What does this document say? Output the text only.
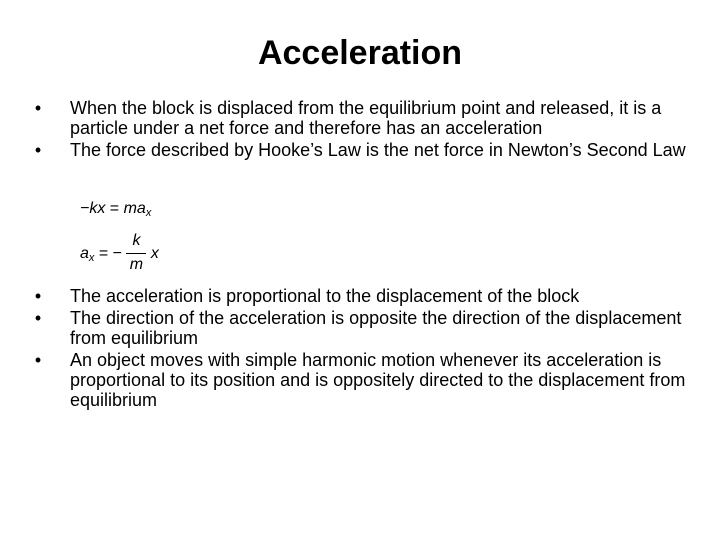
Acceleration
• When the block is displaced from the equilibrium point and released, it is a particle under a net force and therefore has an acceleration
• The force described by Hooke’s Law is the net force in Newton’s Second Law
$-kx = ma_x$
$a_x$ = − $\frac{k}{m}$ x
• The acceleration is proportional to the displacement of the block
• The direction of the acceleration is opposite the direction of the displacement from equilibrium
• An object moves with simple harmonic motion whenever its acceleration is proportional to its position and is oppositely directed to the displacement from equilibrium
